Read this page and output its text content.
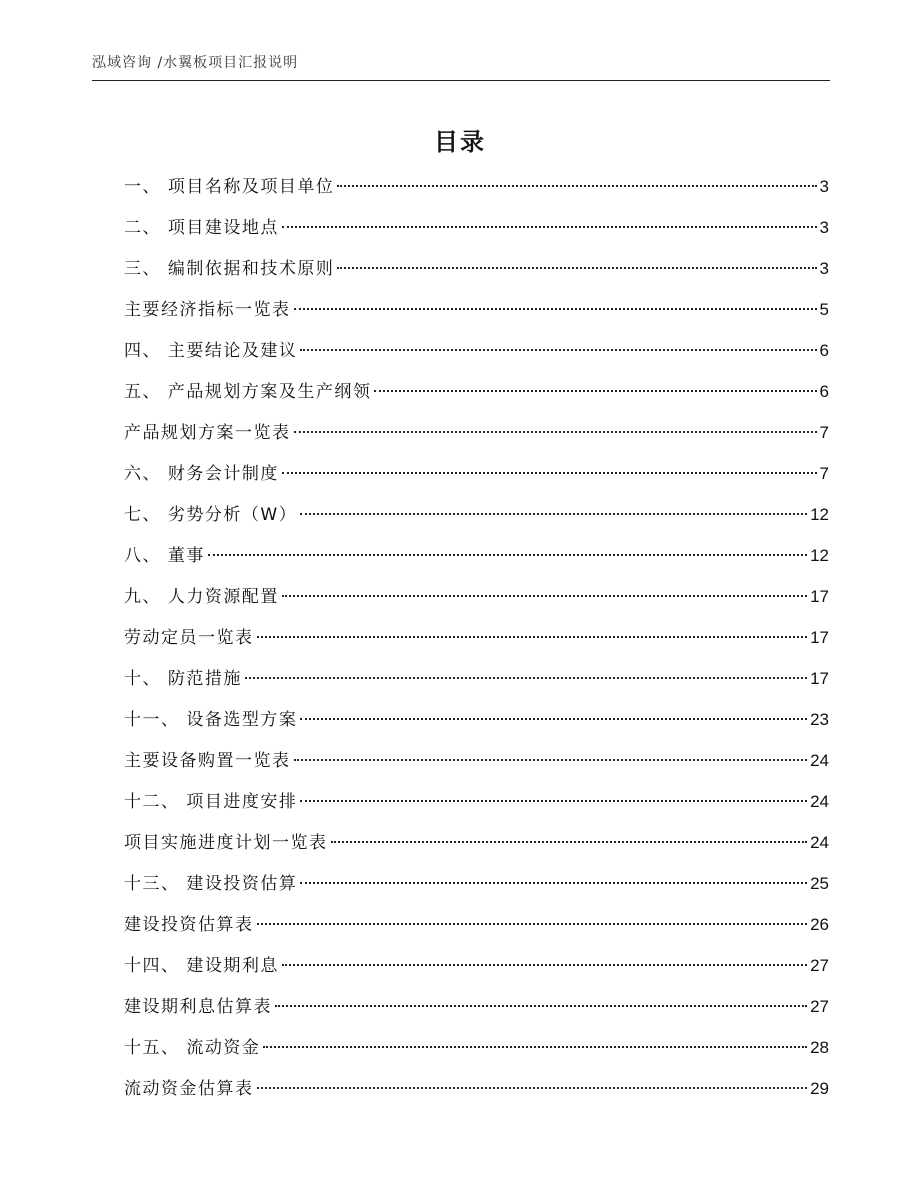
泓域咨询 /水翼板项目汇报说明
目录
一、 项目名称及项目单位	3
二、 项目建设地点	3
三、 编制依据和技术原则	3
主要经济指标一览表	5
四、 主要结论及建议	6
五、 产品规划方案及生产纲领	6
产品规划方案一览表	7
六、 财务会计制度	7
七、 劣势分析（W）	12
八、 董事	12
九、 人力资源配置	17
劳动定员一览表	17
十、 防范措施	17
十一、 设备选型方案	23
主要设备购置一览表	24
十二、 项目进度安排	24
项目实施进度计划一览表	24
十三、 建设投资估算	25
建设投资估算表	26
十四、 建设期利息	27
建设期利息估算表	27
十五、 流动资金	28
流动资金估算表	29
